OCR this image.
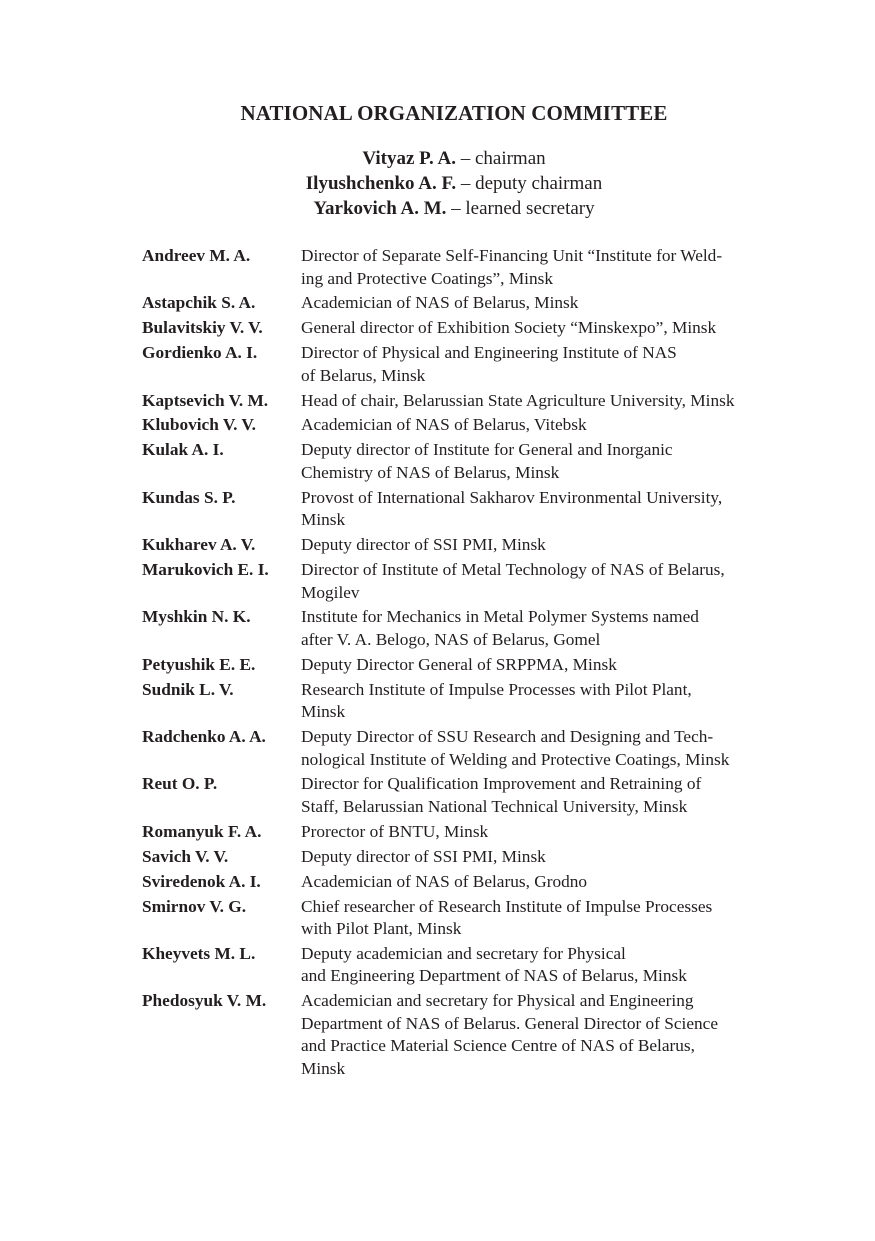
NATIONAL ORGANIZATION COMMITTEE
Vityaz P. A. – chairman
Ilyushchenko A. F. – deputy chairman
Yarkovich A. M. – learned secretary
Andreev M. A.	Director of Separate Self-Financing Unit “Institute for Weld-
ing and Protective Coatings”, Minsk
Astapchik S. A.	Academician of NAS of Belarus, Minsk
Bulavitskiy V. V.	General director of Exhibition Society “Minskexpo”, Minsk
Gordienko A. I.	Director of Physical and Engineering Institute of NAS
of Belarus, Minsk
Kaptsevich V. M.	Head of chair, Belarussian State Agriculture University, Minsk
Klubovich V. V.	Academician of NAS of Belarus, Vitebsk
Kulak A. I.	Deputy director of Institute for General and Inorganic
Chemistry of NAS of Belarus, Minsk
Kundas S. P.	Provost of International Sakharov Environmental University,
Minsk
Kukharev A. V.	Deputy director of SSI PMI, Minsk
Marukovich E. I.	Director of Institute of Metal Technology of NAS of Belarus,
Mogilev
Myshkin N. K.	Institute for Mechanics in Metal Polymer Systems named
after V. A. Belogo, NAS of Belarus, Gomel
Petyushik E. E.	Deputy Director General of SRPPMA, Minsk
Sudnik L. V.	Research Institute of Impulse Processes with Pilot Plant,
Minsk
Radchenko A. A.	Deputy Director of SSU Research and Designing and Tech-
nological Institute of Welding and Protective Coatings, Minsk
Reut O. P.	Director for Qualification Improvement and Retraining of
Staff, Belarussian National Technical University, Minsk
Romanyuk F. A.	Prorector of BNTU, Minsk
Savich V. V.	Deputy director of SSI PMI, Minsk
Sviredenok A. I.	Academician of NAS of Belarus, Grodno
Smirnov V. G.	Chief researcher of Research Institute of Impulse Processes
with Pilot Plant, Minsk
Kheyvets M. L.	Deputy academician and secretary for Physical
and Engineering Department of NAS of Belarus, Minsk
Phedosyuk V. M.	Academician and secretary for Physical and Engineering
Department of NAS of Belarus. General Director of Science
and Practice Material Science Centre of NAS of Belarus,
Minsk
